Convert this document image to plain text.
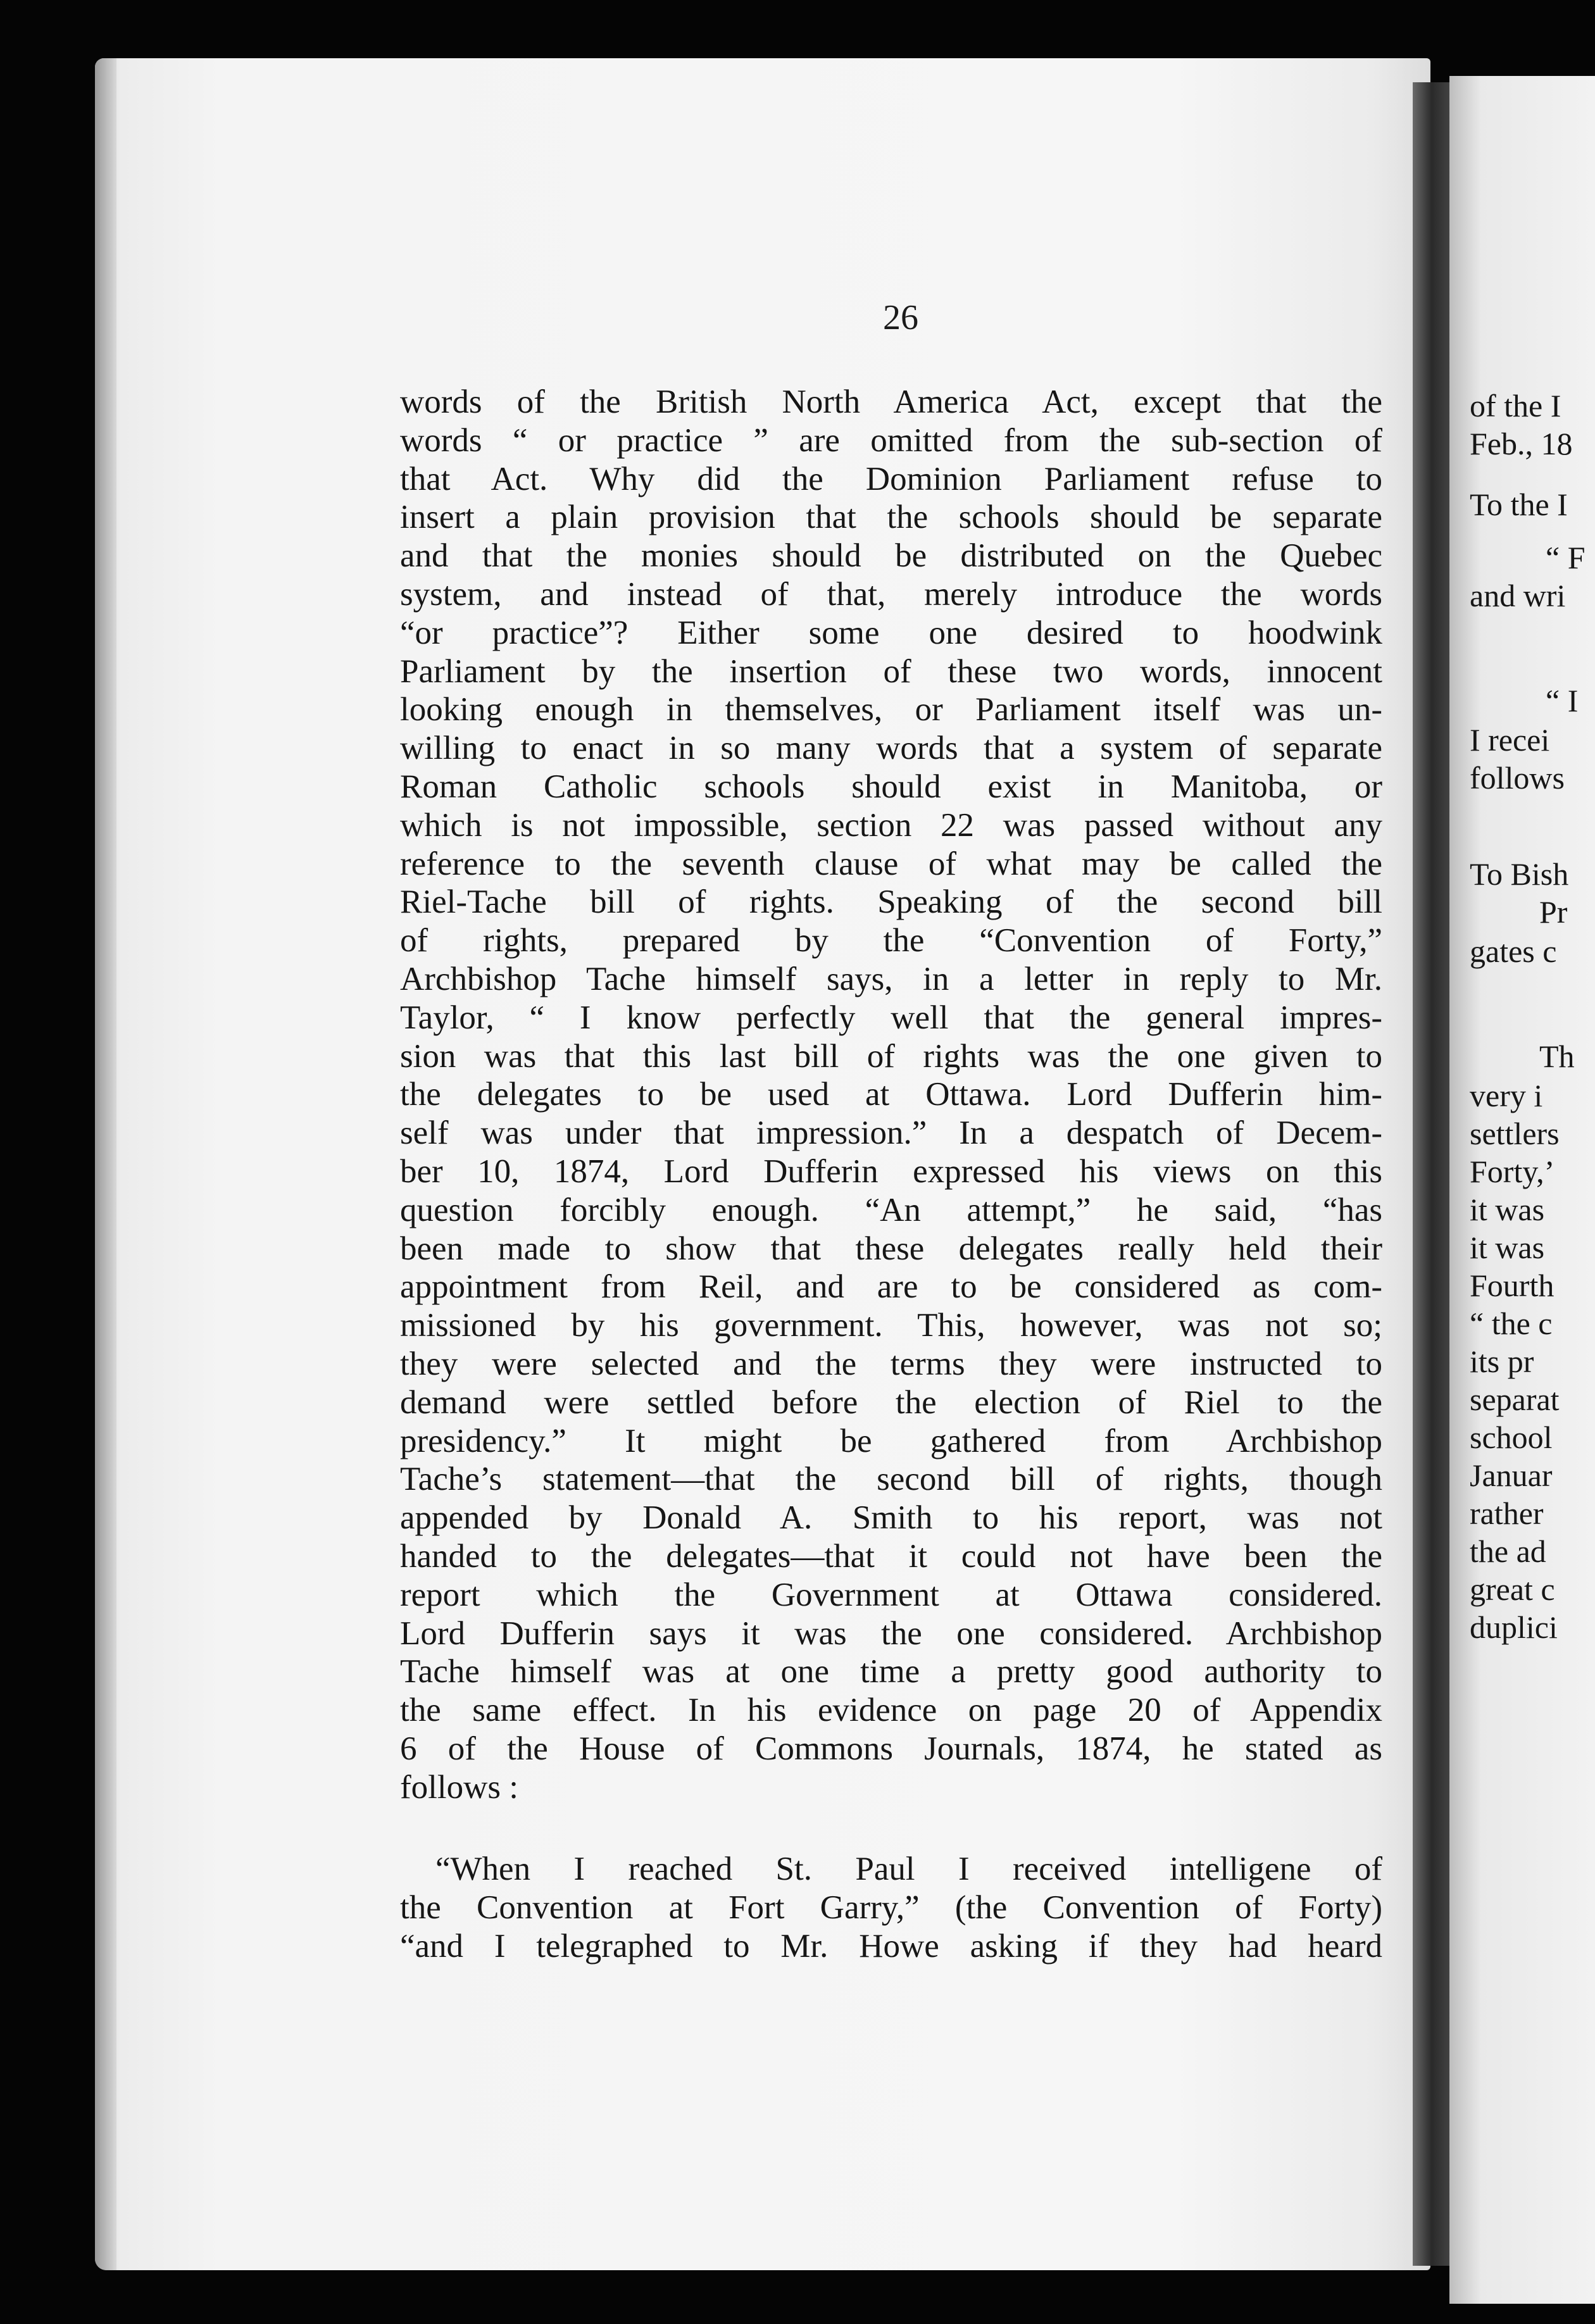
26
words of the British North America Act, except that the
words “ or practice ” are omitted from the sub-section of
that Act. Why did the Dominion Parliament refuse to
insert a plain provision that the schools should be separate
and that the monies should be distributed on the Quebec
system, and instead of that, merely introduce the words
“or practice”? Either some one desired to hoodwink
Parliament by the insertion of these two words, innocent
looking enough in themselves, or Parliament itself was un-
willing to enact in so many words that a system of separate
Roman Catholic schools should exist in Manitoba, or
which is not impossible, section 22 was passed without any
reference to the seventh clause of what may be called the
Riel-Tache bill of rights. Speaking of the second bill
of rights, prepared by the “Convention of Forty,”
Archbishop Tache himself says, in a letter in reply to Mr.
Taylor, “ I know perfectly well that the general impres-
sion was that this last bill of rights was the one given to
the delegates to be used at Ottawa. Lord Dufferin him-
self was under that impression.” In a despatch of Decem-
ber 10, 1874, Lord Dufferin expressed his views on this
question forcibly enough. “An attempt,” he said, “has
been made to show that these delegates really held their
appointment from Reil, and are to be considered as com-
missioned by his government. This, however, was not so;
they were selected and the terms they were instructed to
demand were settled before the election of Riel to the
presidency.” It might be gathered from Archbishop
Tache’s statement—that the second bill of rights, though
appended by Donald A. Smith to his report, was not
handed to the delegates—that it could not have been the
report which the Government at Ottawa considered.
Lord Dufferin says it was the one considered. Archbishop
Tache himself was at one time a pretty good authority to
the same effect. In his evidence on page 20 of Appendix
6 of the House of Commons Journals, 1874, he stated as
follows :
“When I reached St. Paul I received intelligene of
the Convention at Fort Garry,” (the Convention of Forty)
“and I telegraphed to Mr. Howe asking if they had heard
of the I
Feb., 18
To the I
“ F
and wri
“ I
I recei
follows
To Bish
Pr
gates c
Th
very i
settlers
Forty,’
it was
it was
Fourth
“ the c
its pr
separat
school
Januar
rather
the ad
great c
duplici
